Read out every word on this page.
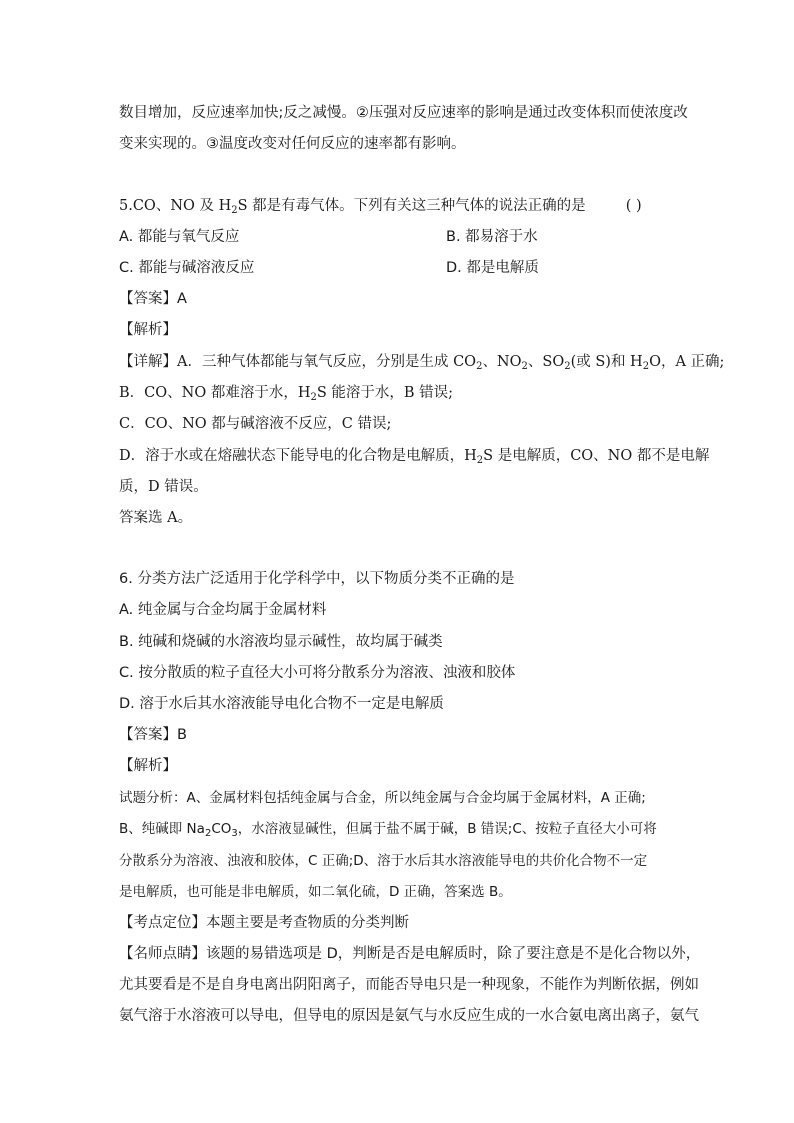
数目增加，反应速率加快;反之减慢。②压强对反应速率的影响是通过改变体积而使浓度改
变来实现的。③温度改变对任何反应的速率都有影响。
5.CO、NO 及 $H_2S$ 都是有毒气体。下列有关这三种气体的说法正确的是	( )
A. 都能与氧气反应	B. 都易溶于水
C. 都能与碱溶液反应	D. 都是电解质
【答案】A
【解析】
【详解】A．三种气体都能与氧气反应，分别是生成 $CO_2$、$NO_2$、$SO_2$(或 S)和 $H_2O$，A 正确;
B．CO、NO 都难溶于水，$H_2S$ 能溶于水，B 错误;
C．CO、NO 都与碱溶液不反应，C 错误;
D．溶于水或在熔融状态下能导电的化合物是电解质，$H_2S$ 是电解质，CO、NO 都不是电解
质，D 错误。
答案选 A。
6. 分类方法广泛适用于化学科学中，以下物质分类不正确的是
A. 纯金属与合金均属于金属材料
B. 纯碱和烧碱的水溶液均显示碱性，故均属于碱类
C. 按分散质的粒子直径大小可将分散系分为溶液、浊液和胶体
D. 溶于水后其水溶液能导电化合物不一定是电解质
【答案】B
【解析】
试题分析：A、金属材料包括纯金属与合金，所以纯金属与合金均属于金属材料，A 正确;
B、纯碱即 $Na_2CO_3$，水溶液显碱性，但属于盐不属于碱，B 错误;C、按粒子直径大小可将
分散系分为溶液、浊液和胶体，C 正确;D、溶于水后其水溶液能导电的共价化合物不一定
是电解质，也可能是非电解质，如二氧化硫，D 正确，答案选 B。
【考点定位】本题主要是考查物质的分类判断
【名师点睛】该题的易错选项是 D，判断是否是电解质时，除了要注意是不是化合物以外，
尤其要看是不是自身电离出阴阳离子，而能否导电只是一种现象，不能作为判断依据，例如
氨气溶于水溶液可以导电，但导电的原因是氨气与水反应生成的一水合氨电离出离子，氨气
